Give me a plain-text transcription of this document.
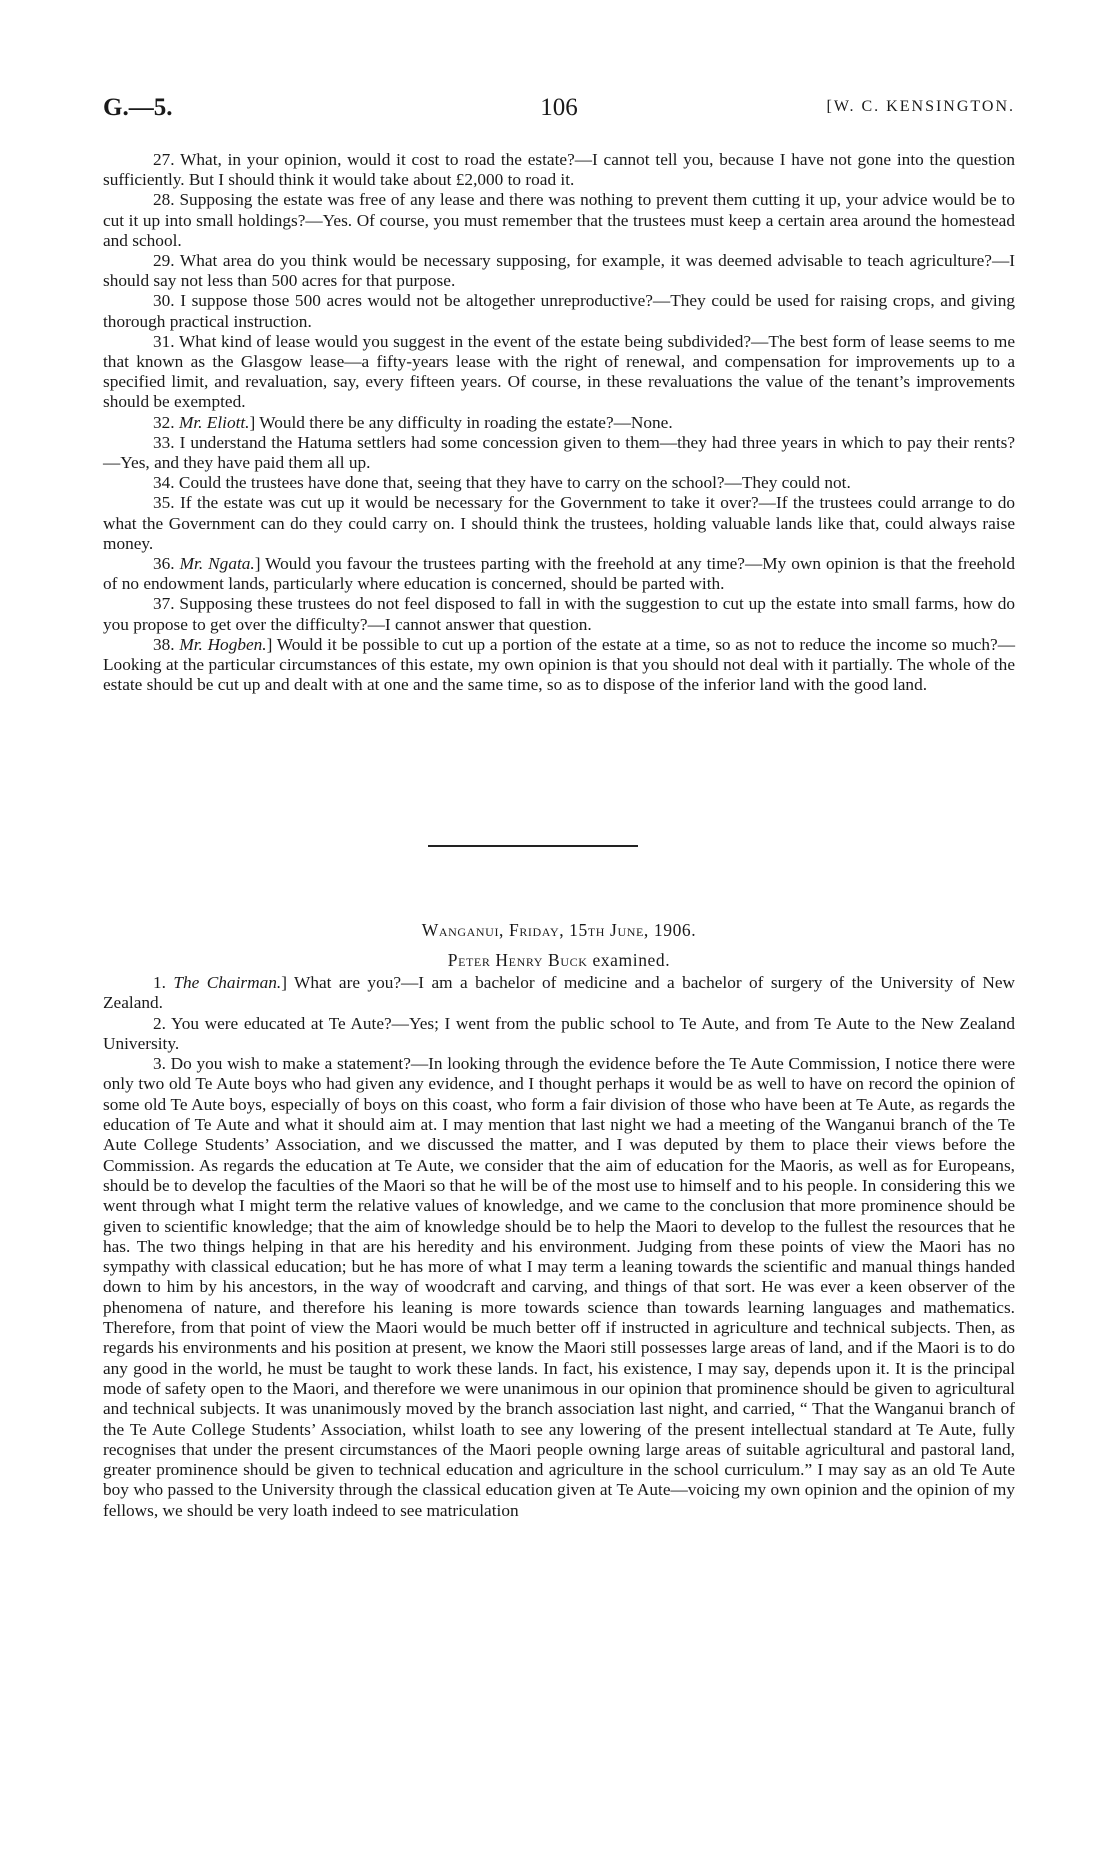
G.—5.	106	[W. C. KENSINGTON.

27. What, in your opinion, would it cost to road the estate?—I cannot tell you, because I have not gone into the question sufficiently. But I should think it would take about £2,000 to road it.

28. Supposing the estate was free of any lease and there was nothing to prevent them cutting it up, your advice would be to cut it up into small holdings?—Yes. Of course, you must remember that the trustees must keep a certain area around the homestead and school.

29. What area do you think would be necessary supposing, for example, it was deemed advisable to teach agriculture?—I should say not less than 500 acres for that purpose.

30. I suppose those 500 acres would not be altogether unreproductive?—They could be used for raising crops, and giving thorough practical instruction.

31. What kind of lease would you suggest in the event of the estate being subdivided?—The best form of lease seems to me that known as the Glasgow lease—a fifty-years lease with the right of renewal, and compensation for improvements up to a specified limit, and revaluation, say, every fifteen years. Of course, in these revaluations the value of the tenant’s improvements should be exempted.

32. Mr. Eliott.] Would there be any difficulty in roading the estate?—None.

33. I understand the Hatuma settlers had some concession given to them—they had three years in which to pay their rents?—Yes, and they have paid them all up.

34. Could the trustees have done that, seeing that they have to carry on the school?—They could not.

35. If the estate was cut up it would be necessary for the Government to take it over?—If the trustees could arrange to do what the Government can do they could carry on. I should think the trustees, holding valuable lands like that, could always raise money.

36. Mr. Ngata.] Would you favour the trustees parting with the freehold at any time?—My own opinion is that the freehold of no endowment lands, particularly where education is concerned, should be parted with.

37. Supposing these trustees do not feel disposed to fall in with the suggestion to cut up the estate into small farms, how do you propose to get over the difficulty?—I cannot answer that question.

38. Mr. Hogben.] Would it be possible to cut up a portion of the estate at a time, so as not to reduce the income so much?—Looking at the particular circumstances of this estate, my own opinion is that you should not deal with it partially. The whole of the estate should be cut up and dealt with at one and the same time, so as to dispose of the inferior land with the good land.

Wanganui, Friday, 15th June, 1906.
Peter Henry Buck examined.

1. The Chairman.] What are you?—I am a bachelor of medicine and a bachelor of surgery of the University of New Zealand.

2. You were educated at Te Aute?—Yes; I went from the public school to Te Aute, and from Te Aute to the New Zealand University.

3. Do you wish to make a statement?—In looking through the evidence before the Te Aute Commission, I notice there were only two old Te Aute boys who had given any evidence, and I thought perhaps it would be as well to have on record the opinion of some old Te Aute boys, especially of boys on this coast, who form a fair division of those who have been at Te Aute, as regards the education of Te Aute and what it should aim at. I may mention that last night we had a meeting of the Wanganui branch of the Te Aute College Students’ Association, and we discussed the matter, and I was deputed by them to place their views before the Commission. As regards the education at Te Aute, we consider that the aim of education for the Maoris, as well as for Europeans, should be to develop the faculties of the Maori so that he will be of the most use to himself and to his people. In considering this we went through what I might term the relative values of knowledge, and we came to the conclusion that more prominence should be given to scientific knowledge; that the aim of knowledge should be to help the Maori to develop to the fullest the resources that he has. The two things helping in that are his heredity and his environment. Judging from these points of view the Maori has no sympathy with classical education; but he has more of what I may term a leaning towards the scientific and manual things handed down to him by his ancestors, in the way of woodcraft and carving, and things of that sort. He was ever a keen observer of the phenomena of nature, and therefore his leaning is more towards science than towards learning languages and mathematics. Therefore, from that point of view the Maori would be much better off if instructed in agriculture and technical subjects. Then, as regards his environments and his position at present, we know the Maori still possesses large areas of land, and if the Maori is to do any good in the world, he must be taught to work these lands. In fact, his existence, I may say, depends upon it. It is the principal mode of safety open to the Maori, and therefore we were unanimous in our opinion that prominence should be given to agricultural and technical subjects. It was unanimously moved by the branch association last night, and carried, “ That the Wanganui branch of the Te Aute College Students’ Association, whilst loath to see any lowering of the present intellectual standard at Te Aute, fully recognises that under the present circumstances of the Maori people owning large areas of suitable agricultural and pastoral land, greater prominence should be given to technical education and agriculture in the school curriculum.” I may say as an old Te Aute boy who passed to the University through the classical education given at Te Aute—voicing my own opinion and the opinion of my fellows, we should be very loath indeed to see matriculation
